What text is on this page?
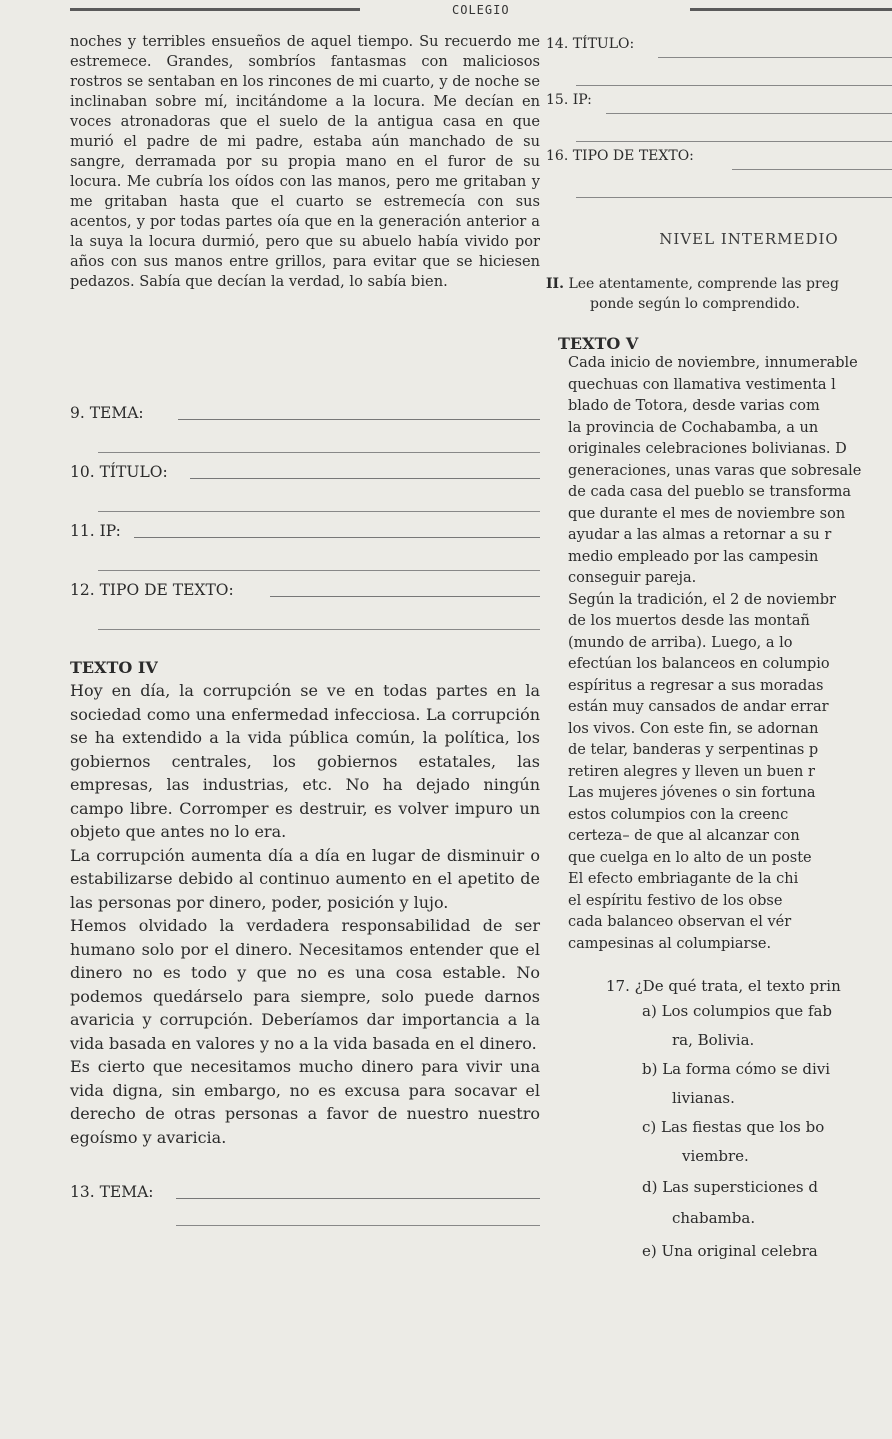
COLEGIO

noches y terribles ensueños de aquel tiempo. Su recuerdo me estremece. Grandes, sombríos fantasmas con maliciosos rostros se sentaban en los rincones de mi cuarto, y de noche se inclinaban sobre mí, incitándome a la locura. Me decían en voces atronadoras que el suelo de la antigua casa en que murió el padre de mi padre, estaba aún manchado de su sangre, derramada por su propia mano en el furor de su locura. Me cubría los oídos con las manos, pero me gritaban y me gritaban hasta que el cuarto se estremecía con sus acentos, y por todas partes oía que en la generación anterior a la suya la locura durmió, pero que su abuelo había vivido por años con sus manos entre grillos, para evitar que se hiciesen pedazos. Sabía que decían la verdad, lo sabía bien.

9. TEMA:
10. TÍTULO:
11. IP:
12. TIPO DE TEXTO:

TEXTO IV

Hoy en día, la corrupción se ve en todas partes en la sociedad como una enfermedad infecciosa. La corrupción se ha extendido a la vida pública común, la política, los gobiernos centrales, los gobiernos estatales, las empresas, las industrias, etc. No ha dejado ningún campo libre. Corromper es destruir, es volver impuro un objeto que antes no lo era.

La corrupción aumenta día a día en lugar de disminuir o estabilizarse debido al continuo aumento en el apetito de las personas por dinero, poder, posición y lujo.

Hemos olvidado la verdadera responsabilidad de ser humano solo por el dinero. Necesitamos entender que el dinero no es todo y que no es una cosa estable. No podemos quedárselo para siempre, solo puede darnos avaricia y corrupción. Deberíamos dar importancia a la vida basada en valores y no a la vida basada en el dinero.

Es cierto que necesitamos mucho dinero para vivir una vida digna, sin embargo, no es excusa para socavar el derecho de otras personas a favor de nuestro nuestro egoísmo y avaricia.

13. TEMA:
14. TÍTULO:
15. IP:
16. TIPO DE TEXTO:

NIVEL INTERMEDIO

II. Lee atentamente, comprende las preg

ponde según lo comprendido.

TEXTO V

Cada inicio de noviembre, innumerable

quechuas con llamativa vestimenta l

blado de Totora, desde varias com

la provincia de Cochabamba, a un

originales celebraciones bolivianas. D

generaciones, unas varas que sobresale

de cada casa del pueblo se transforma

que durante el mes de noviembre son

ayudar a las almas a retornar a su r

medio empleado por las campesin

conseguir pareja.

Según la tradición, el 2 de noviembr

de los muertos desde las montañ

(mundo de arriba). Luego, a lo

efectúan los balanceos en columpio

espíritus a regresar a sus moradas

están muy cansados de andar errar

los vivos. Con este fin, se adornan

de telar, banderas y serpentinas p

retiren alegres y lleven un buen r

Las mujeres jóvenes o sin fortuna

estos columpios con la creenc

certeza– de que al alcanzar con

que cuelga en lo alto de un poste

El efecto embriagante de la chi

el espíritu festivo de los obse

cada balanceo observan el vér

campesinas al columpiarse.

17. ¿De qué trata, el texto prin

a) Los columpios que fab

ra, Bolivia.

b) La forma cómo se divi

livianas.

c) Las fiestas que los bo

viembre.

d) Las supersticiones d

chabamba.

e) Una original celebra
